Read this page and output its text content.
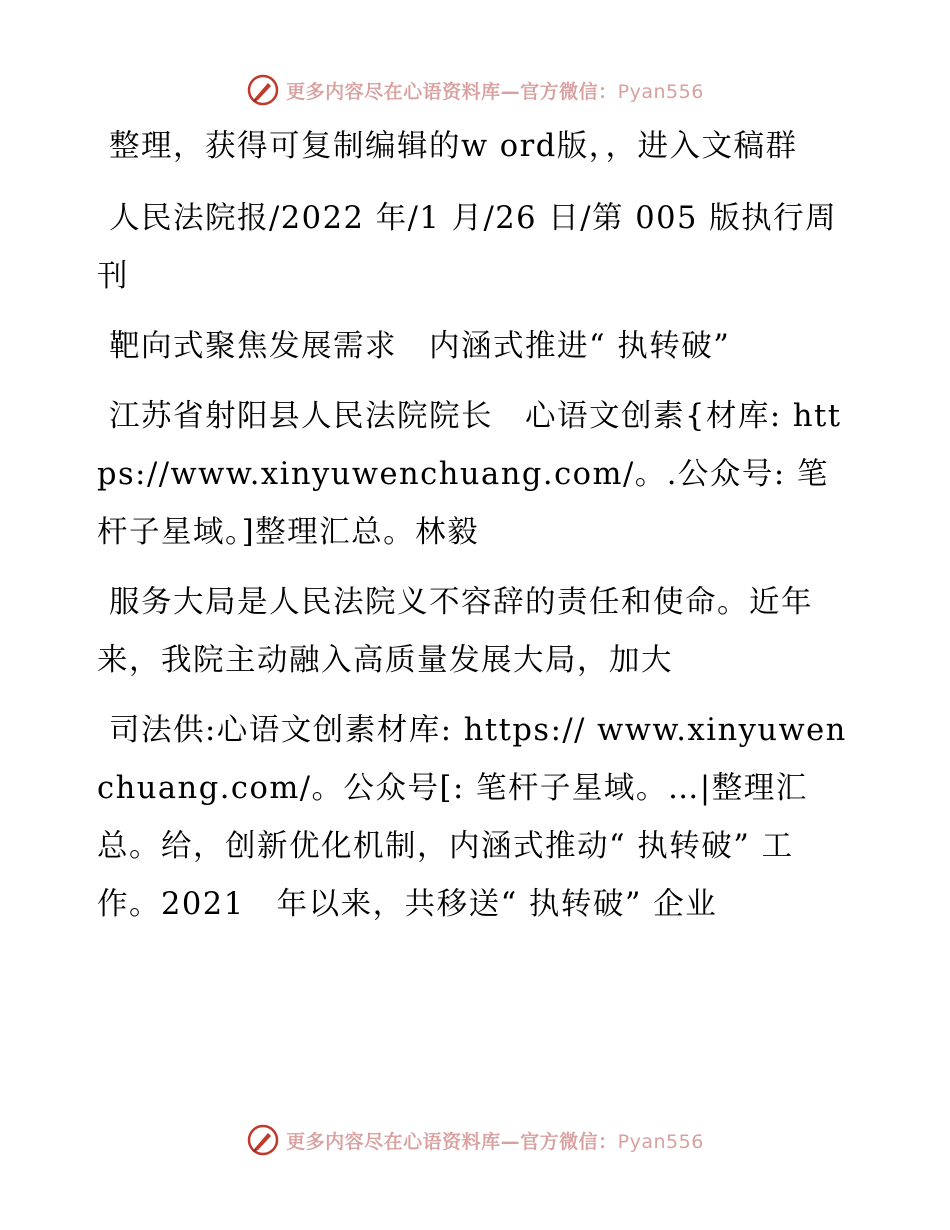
更多内容尽在心语资料库—官方微信：Pyan556

整理，获得可复制编辑的w ord版，，进入文稿群

人民法院报/2022 年/1 月/26 日/第 005 版执行周刊

靶向式聚焦发展需求　内涵式推进“ 执转破”

江苏省射阳县人民法院院长　心语文创素{材库: https://www.xinyuwenchuang.com/。.公众号: 笔杆子星域。]整理汇总。林毅

服务大局是人民法院义不容辞的责任和使命。近年来，我院主动融入高质量发展大局，加大

司法供:心语文创素材库: https:// www.xinyuwenchuang.com/。公众号[: 笔杆子星域。…|整理汇总。给，创新优化机制，内涵式推动“ 执转破” 工作。2021　年以来，共移送“ 执转破” 企业

更多内容尽在心语资料库—官方微信：Pyan556
